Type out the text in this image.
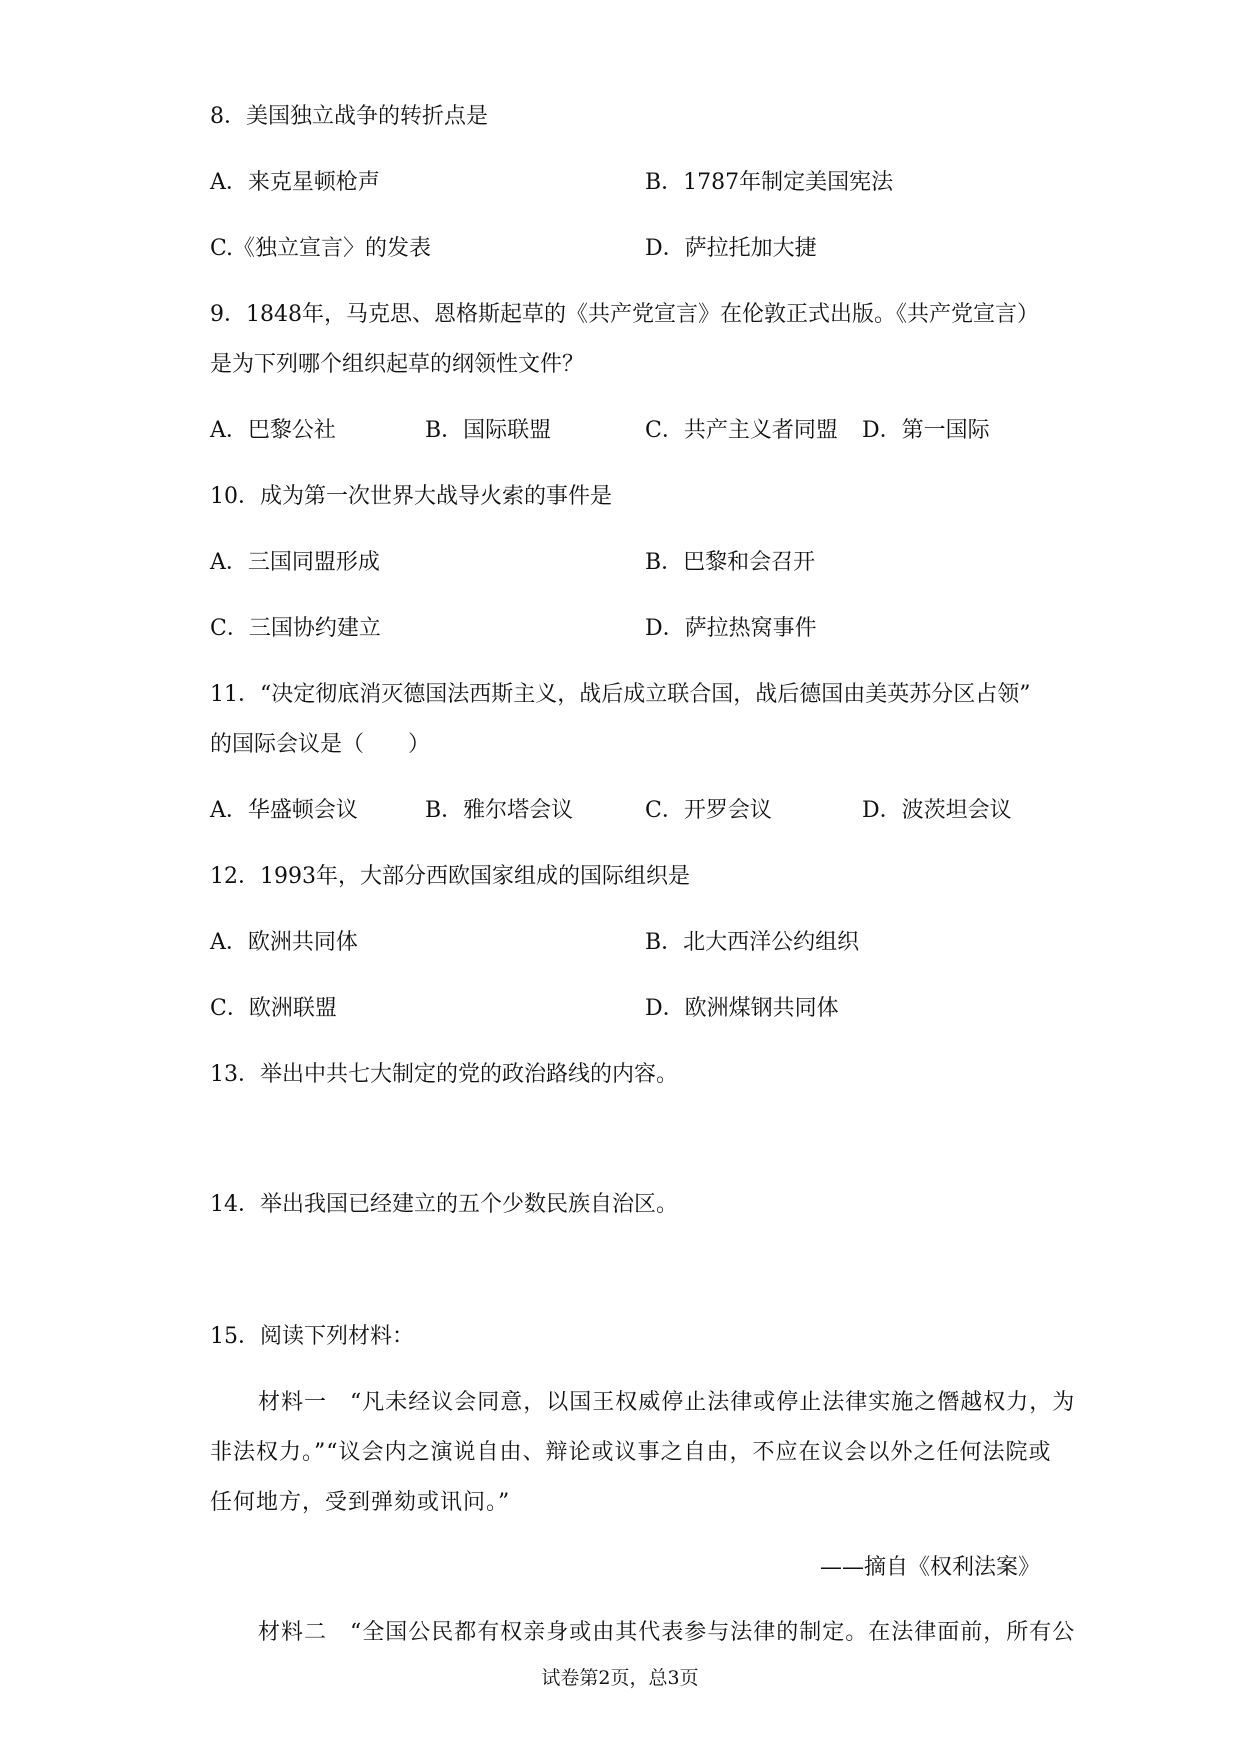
8．美国独立战争的转折点是
A．来克星顿枪声	B．1787年制定美国宪法
C.《独立宣言〉的发表	D．萨拉托加大捷
9．1848年，马克思、恩格斯起草的《共产党宣言》在伦敦正式出版。《共产党宣言）
是为下列哪个组织起草的纲领性文件？
A．巴黎公社	B．国际联盟	C．共产主义者同盟 D．第一国际
10．成为第一次世界大战导火索的事件是
A．三国同盟形成	B．巴黎和会召开
C．三国协约建立	D．萨拉热窝事件
11．“决定彻底消灭德国法西斯主义，战后成立联合国，战后德国由美英苏分区占领”
的国际会议是（　　）
A．华盛顿会议	B．雅尔塔会议	C．开罗会议	D．波茨坦会议
12．1993年，大部分西欧国家组成的国际组织是
A．欧洲共同体	B．北大西洋公约组织
C．欧洲联盟	D．欧洲煤钢共同体
13．举出中共七大制定的党的政治路线的内容。
14．举出我国已经建立的五个少数民族自治区。
15．阅读下列材料：
材料一　“凡未经议会同意，以国王权威停止法律或停止法律实施之僭越权力，为
非法权力。”“议会内之演说自由、辩论或议事之自由，不应在议会以外之任何法院或
任何地方，受到弹劾或讯问。”
——摘自《权利法案》
材料二　“全国公民都有权亲身或由其代表参与法律的制定。在法律面前，所有公
试卷第2页，总3页
